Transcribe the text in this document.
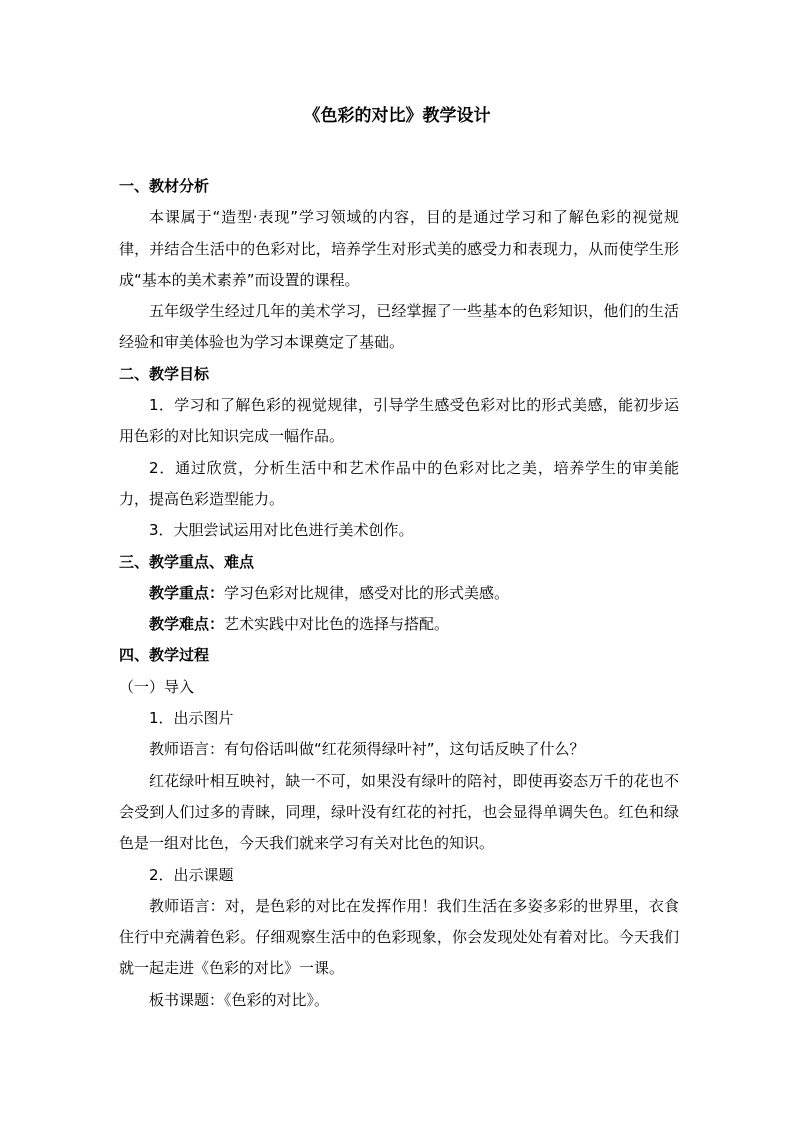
《色彩的对比》教学设计

一、教材分析

本课属于“造型·表现”学习领域的内容，目的是通过学习和了解色彩的视觉规律，并结合生活中的色彩对比，培养学生对形式美的感受力和表现力，从而使学生形成“基本的美术素养”而设置的课程。

五年级学生经过几年的美术学习，已经掌握了一些基本的色彩知识，他们的生活经验和审美体验也为学习本课奠定了基础。

二、教学目标

1．学习和了解色彩的视觉规律，引导学生感受色彩对比的形式美感，能初步运用色彩的对比知识完成一幅作品。

2．通过欣赏，分析生活中和艺术作品中的色彩对比之美，培养学生的审美能力，提高色彩造型能力。

3．大胆尝试运用对比色进行美术创作。

三、教学重点、难点

教学重点：学习色彩对比规律，感受对比的形式美感。

教学难点：艺术实践中对比色的选择与搭配。

四、教学过程

（一）导入

1．出示图片

教师语言：有句俗话叫做“红花须得绿叶衬”，这句话反映了什么？

红花绿叶相互映衬，缺一不可，如果没有绿叶的陪衬，即使再姿态万千的花也不会受到人们过多的青睐，同理，绿叶没有红花的衬托，也会显得单调失色。红色和绿色是一组对比色，今天我们就来学习有关对比色的知识。

2．出示课题

教师语言：对，是色彩的对比在发挥作用！我们生活在多姿多彩的世界里，衣食住行中充满着色彩。仔细观察生活中的色彩现象，你会发现处处有着对比。今天我们就一起走进《色彩的对比》一课。

板书课题：《色彩的对比》。
